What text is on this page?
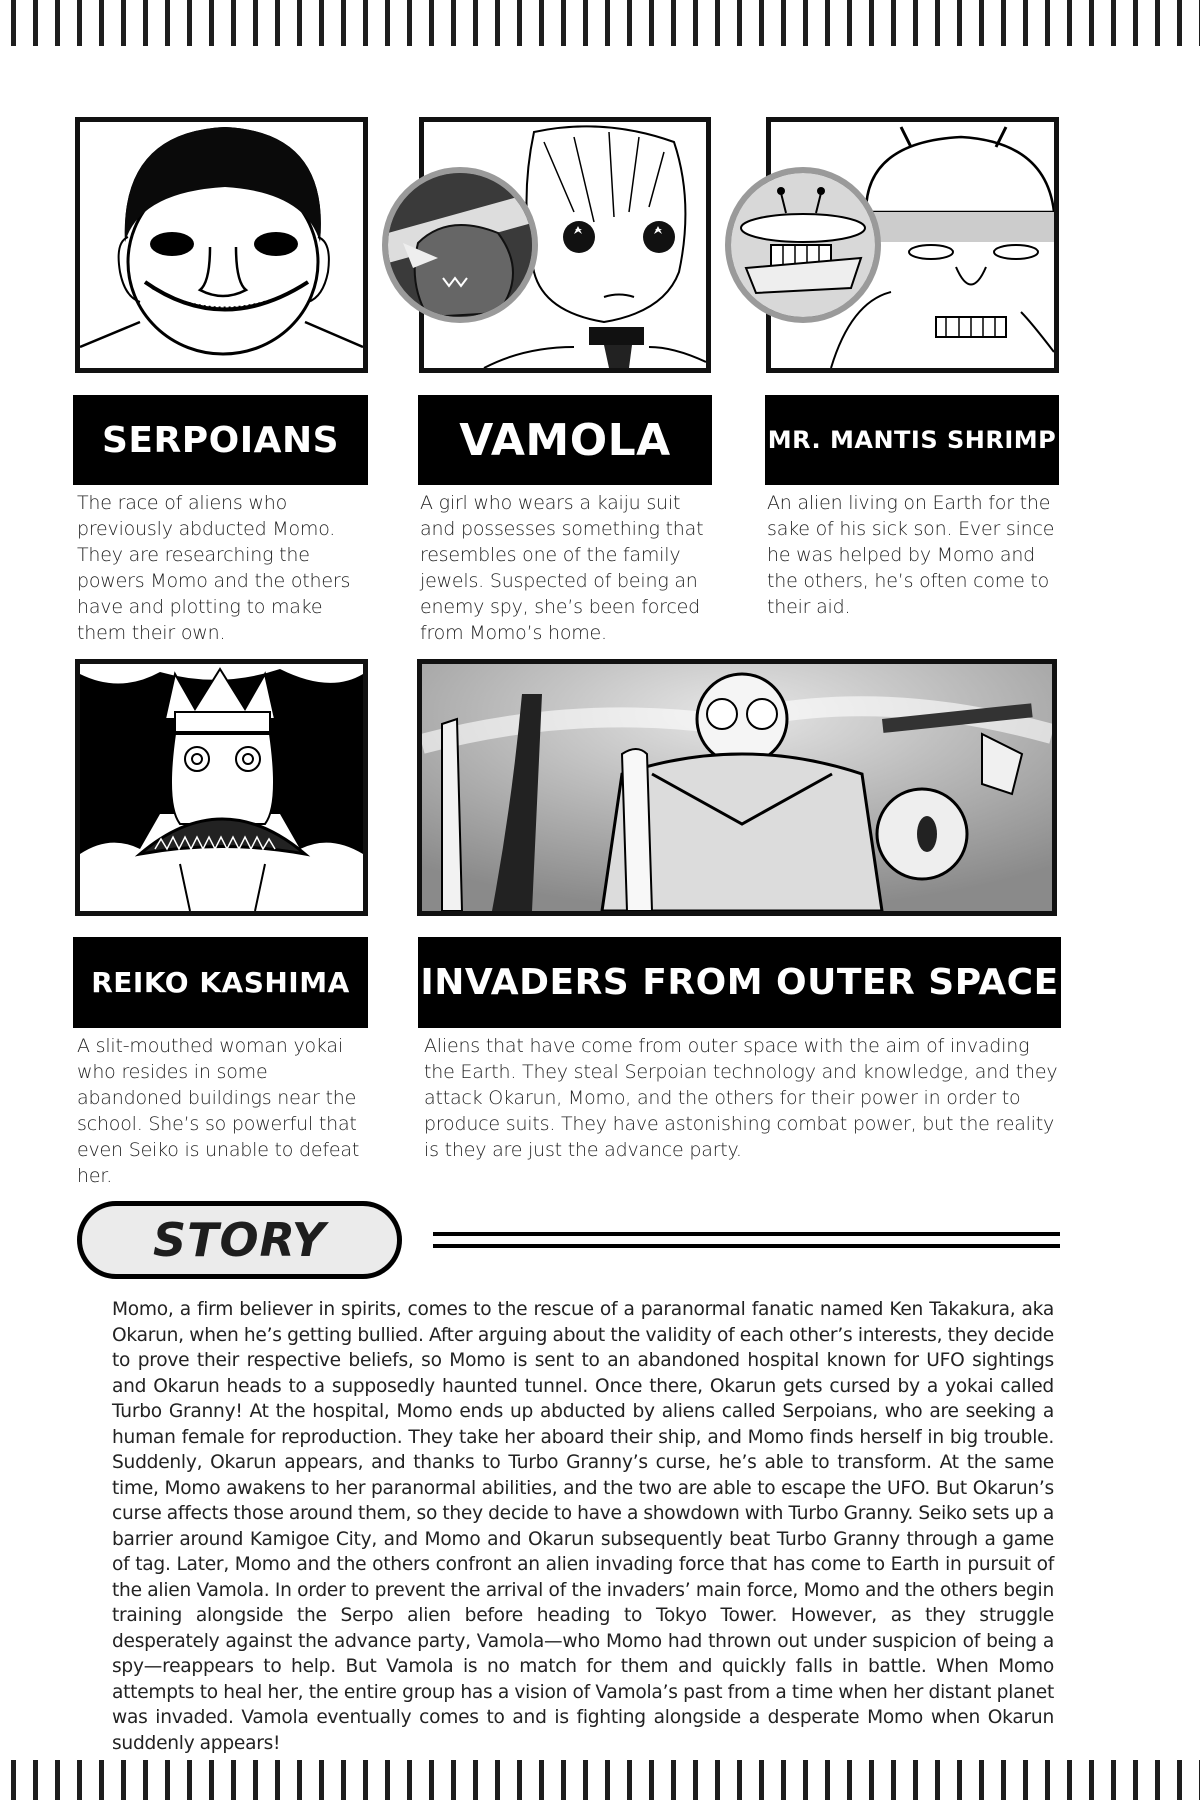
SERPOIANS
The race of aliens who previously abducted Momo. They are researching the powers Momo and the others have and plotting to make them their own.
VAMOLA
A girl who wears a kaiju suit and possesses something that resembles one of the family jewels. Suspected of being an enemy spy, she’s been forced from Momo’s home.
MR. MANTIS SHRIMP
An alien living on Earth for the sake of his sick son. Ever since he was helped by Momo and the others, he’s often come to their aid.
REIKO KASHIMA
A slit-mouthed woman yokai who resides in some abandoned buildings near the school. She’s so powerful that even Seiko is unable to defeat her.
INVADERS FROM OUTER SPACE
Aliens that have come from outer space with the aim of invading the Earth. They steal Serpoian technology and knowledge, and they attack Okarun, Momo, and the others for their power in order to produce suits. They have astonishing combat power, but the reality is they are just the advance party.
STORY

Momo, a firm believer in spirits, comes to the rescue of a paranormal fanatic named Ken Takakura, aka Okarun, when he’s getting bullied. After arguing about the validity of each other’s interests, they decide to prove their respective beliefs, so Momo is sent to an abandoned hospital known for UFO sightings and Okarun heads to a supposedly haunted tunnel. Once there, Okarun gets cursed by a yokai called Turbo Granny! At the hospital, Momo ends up abducted by aliens called Serpoians, who are seeking a human female for reproduction. They take her aboard their ship, and Momo finds herself in big trouble. Suddenly, Okarun appears, and thanks to Turbo Granny’s curse, he’s able to transform. At the same time, Momo awakens to her paranormal abilities, and the two are able to escape the UFO. But Okarun’s curse affects those around them, so they decide to have a showdown with Turbo Granny. Seiko sets up a barrier around Kamigoe City, and Momo and Okarun subsequently beat Turbo Granny through a game of tag. Later, Momo and the others confront an alien invading force that has come to Earth in pursuit of the alien Vamola. In order to prevent the arrival of the invaders’ main force, Momo and the others begin training alongside the Serpo alien before heading to Tokyo Tower. However, as they struggle desperately against the advance party, Vamola—who Momo had thrown out under suspicion of being a spy—reappears to help. But Vamola is no match for them and quickly falls in battle. When Momo attempts to heal her, the entire group has a vision of Vamola’s past from a time when her distant planet was invaded. Vamola eventually comes to and is fighting alongside a desperate Momo when Okarun suddenly appears!
